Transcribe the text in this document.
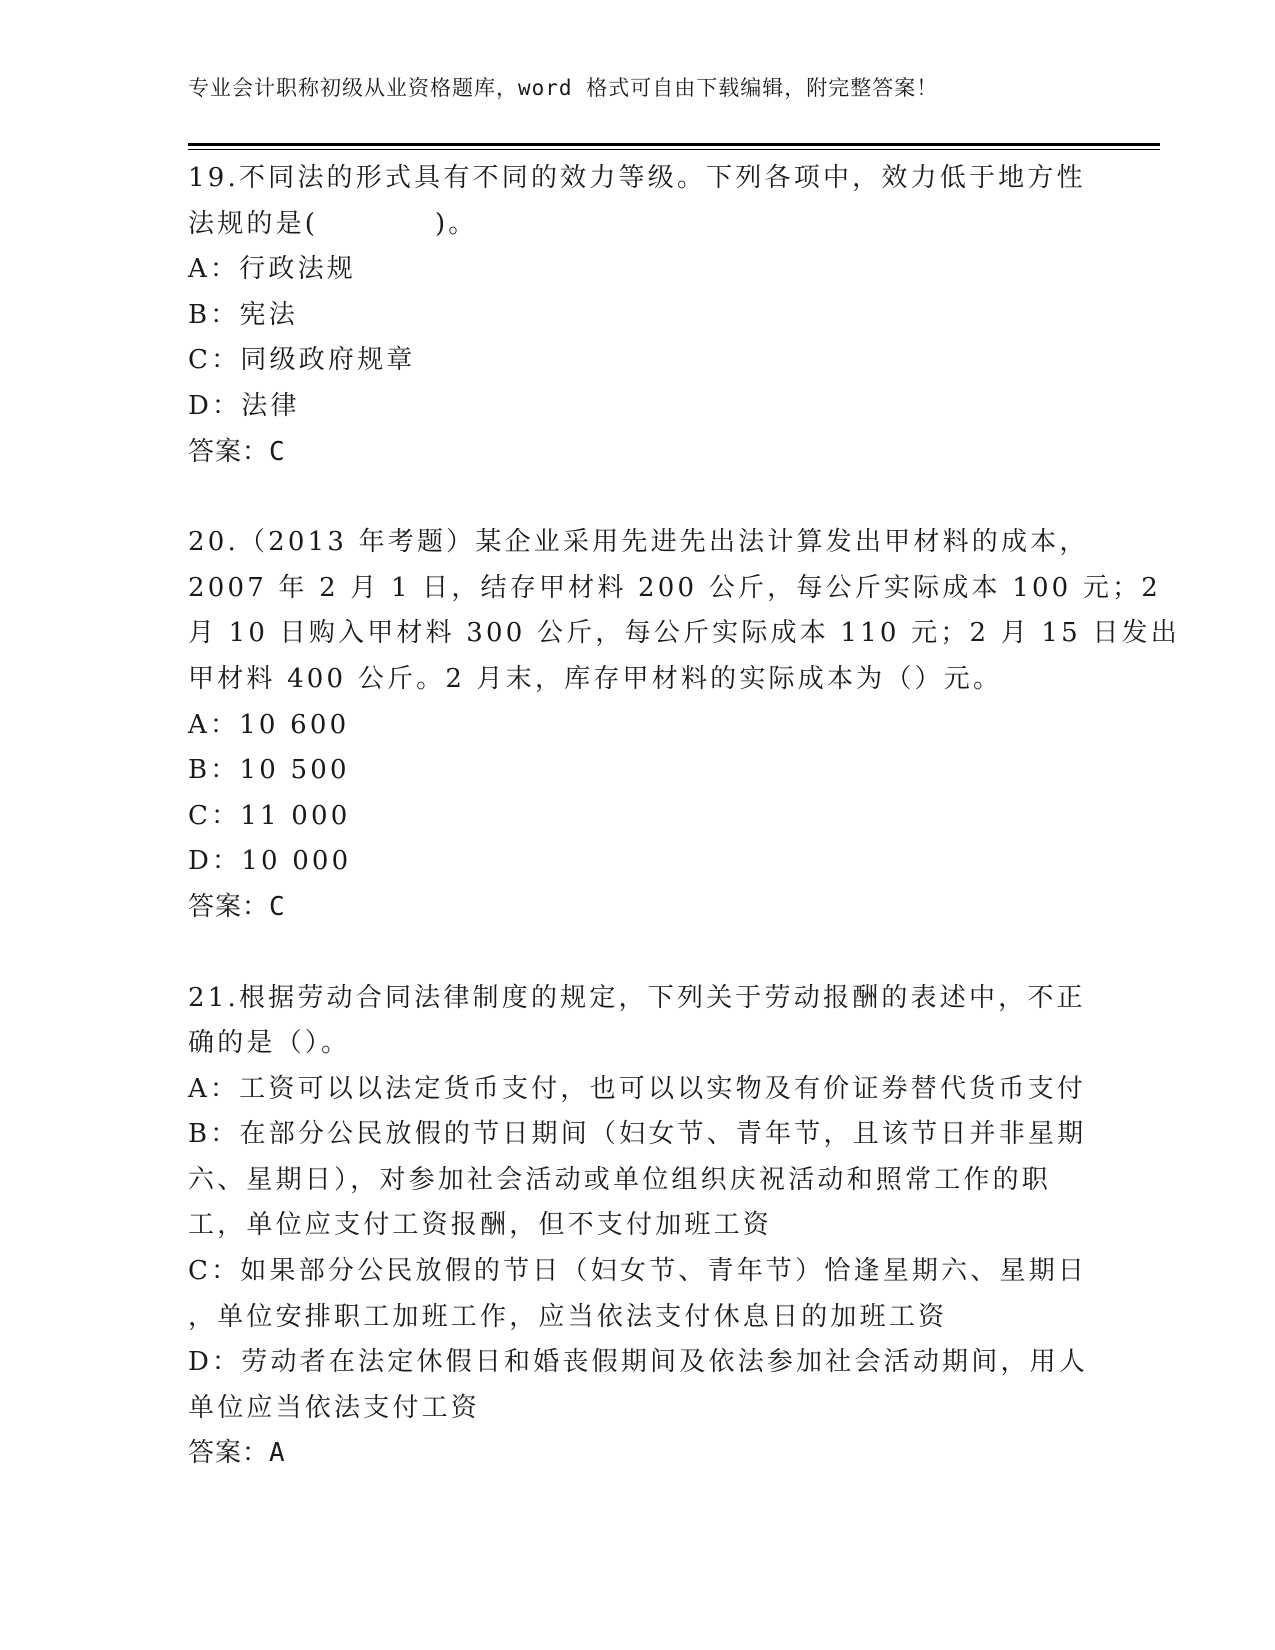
专业会计职称初级从业资格题库，word 格式可自由下载编辑，附完整答案！
19.不同法的形式具有不同的效力等级。下列各项中，效力低于地方性
法规的是(　　　　)。
A：行政法规
B：宪法
C：同级政府规章
D：法律
答案：C
20.（2013 年考题）某企业采用先进先出法计算发出甲材料的成本，
2007 年 2 月 1 日，结存甲材料 200 公斤，每公斤实际成本 100 元；2
月 10 日购入甲材料 300 公斤，每公斤实际成本 110 元；2 月 15 日发出
甲材料 400 公斤。2 月末，库存甲材料的实际成本为（）元。
A：10 600
B：10 500
C：11 000
D：10 000
答案：C
21.根据劳动合同法律制度的规定，下列关于劳动报酬的表述中，不正
确的是（）。
A：工资可以以法定货币支付，也可以以实物及有价证券替代货币支付
B：在部分公民放假的节日期间（妇女节、青年节，且该节日并非星期
六、星期日），对参加社会活动或单位组织庆祝活动和照常工作的职
工，单位应支付工资报酬，但不支付加班工资
C：如果部分公民放假的节日（妇女节、青年节）恰逢星期六、星期日
，单位安排职工加班工作，应当依法支付休息日的加班工资
D：劳动者在法定休假日和婚丧假期间及依法参加社会活动期间，用人
单位应当依法支付工资
答案：A
